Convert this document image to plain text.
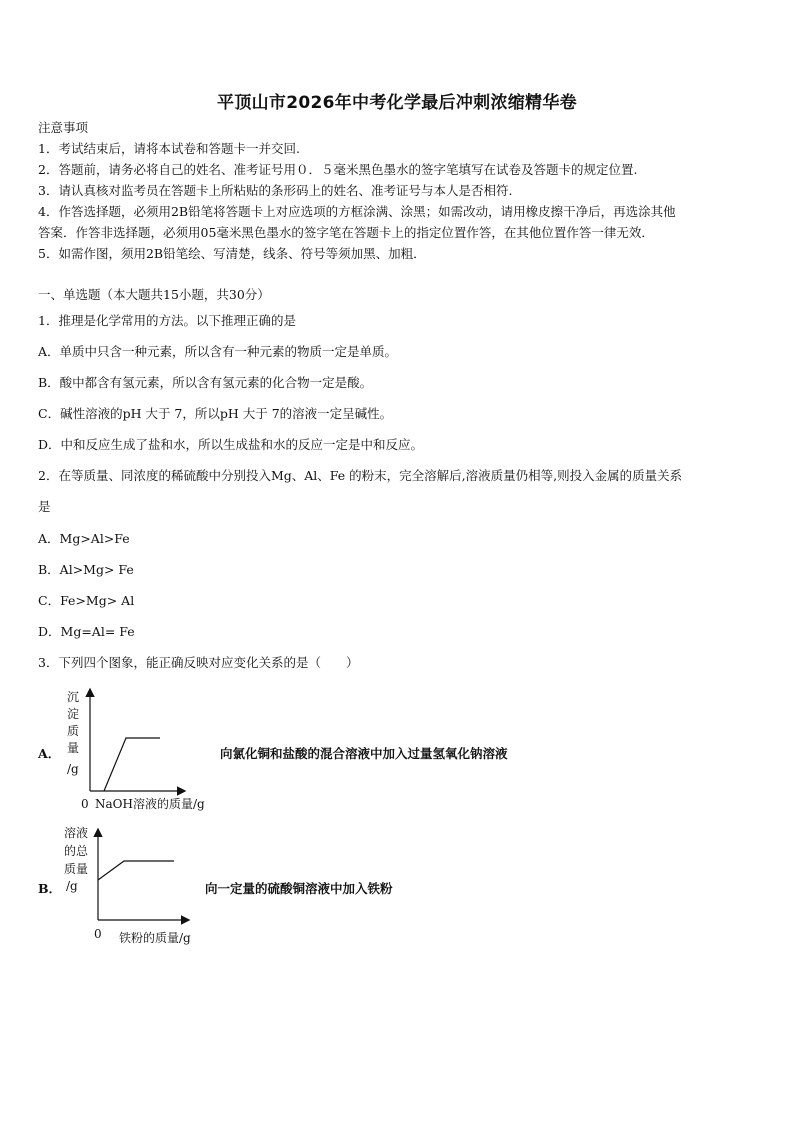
平顶山市2026年中考化学最后冲刺浓缩精华卷
注意事项
1．考试结束后，请将本试卷和答题卡一并交回.
2．答题前，请务必将自己的姓名、准考证号用０．５毫米黑色墨水的签字笔填写在试卷及答题卡的规定位置.
3．请认真核对监考员在答题卡上所粘贴的条形码上的姓名、准考证号与本人是否相符.
4．作答选择题，必须用2B铅笔将答题卡上对应选项的方框涂满、涂黑；如需改动，请用橡皮擦干净后，再选涂其他
答案．作答非选择题，必须用05毫米黑色墨水的签字笔在答题卡上的指定位置作答，在其他位置作答一律无效．
5．如需作图，须用2B铅笔绘、写清楚，线条、符号等须加黑、加粗．
一、单选题（本大题共15小题，共30分）
1．推理是化学常用的方法。以下推理正确的是
A．单质中只含一种元素，所以含有一种元素的物质一定是单质。
B．酸中都含有氢元素，所以含有氢元素的化合物一定是酸。
C．碱性溶液的pH 大于 7，所以pH 大于 7的溶液一定呈碱性。
D．中和反应生成了盐和水，所以生成盐和水的反应一定是中和反应。
2．在等质量、同浓度的稀硫酸中分别投入Mg、Al、Fe 的粉末，完全溶解后,溶液质量仍相等,则投入金属的质量关系
是
A．Mg>Al>Fe
B．Al>Mg> Fe
C．Fe>Mg> Al
D．Mg=Al= Fe
3．下列四个图象，能正确反映对应变化关系的是（　　）
A．
沉
淀
质
量
/g
0 NaOH溶液的质量/g
向氯化铜和盐酸的混合溶液中加入过量氢氧化钠溶液
溶液
的总
质量
B． /g
0 铁粉的质量/g
向一定量的硫酸铜溶液中加入铁粉
